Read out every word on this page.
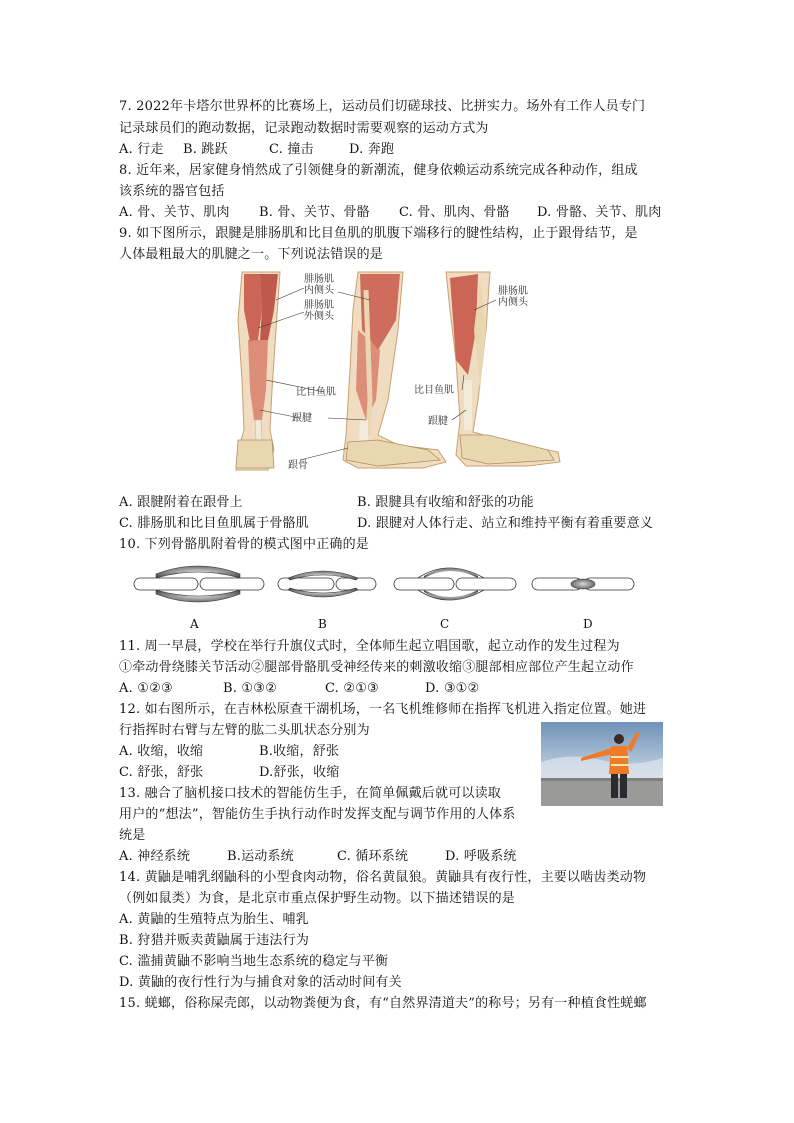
7. 2022年卡塔尔世界杯的比赛场上，运动员们切磋球技、比拼实力。场外有工作人员专门
记录球员们的跑动数据，记录跑动数据时需要观察的运动方式为
A. 行走 B. 跳跃	C. 撞击	D. 奔跑
8. 近年来，居家健身悄然成了引领健身的新潮流，健身依赖运动系统完成各种动作，组成
该系统的器官包括
A. 骨、关节、肌肉 B. 骨、关节、骨骼 C. 骨、肌肉、骨骼 D. 骨骼、关节、肌肉
9. 如下图所示，跟腱是腓肠肌和比目鱼肌的肌腹下端移行的腱性结构，止于跟骨结节，是
人体最粗最大的肌腱之一。下列说法错误的是
腓肠肌
内侧头
腓肠肌
外侧头
比目鱼肌
跟腱
跟骨
比目鱼肌
跟腱
腓肠肌
内侧头
A. 跟腱附着在跟骨上	B. 跟腱具有收缩和舒张的功能
C. 腓肠肌和比目鱼肌属于骨骼肌	D. 跟腱对人体行走、站立和维持平衡有着重要意义
10. 下列骨骼肌附着骨的模式图中正确的是
A	B	C	D
11. 周一早晨，学校在举行升旗仪式时，全体师生起立唱国歌，起立动作的发生过程为
①牵动骨绕膝关节活动②腿部骨骼肌受神经传来的刺激收缩③腿部相应部位产生起立动作
A. ①②③	B. ①③②	C. ②①③	D. ③①②
12. 如右图所示，在吉林松原查干湖机场，一名飞机维修师在指挥飞机进入指定位置。她进
行指挥时右臂与左臂的肱二头肌状态分别为
A. 收缩，收缩	B.收缩，舒张
C. 舒张，舒张	D.舒张，收缩
13. 融合了脑机接口技术的智能仿生手，在简单佩戴后就可以读取
用户的“想法”，智能仿生手执行动作时发挥支配与调节作用的人体系
统是
A. 神经系统	B.运动系统	C. 循环系统	D. 呼吸系统
14. 黄鼬是哺乳纲鼬科的小型食肉动物，俗名黄鼠狼。黄鼬具有夜行性，主要以啮齿类动物
（例如鼠类）为食，是北京市重点保护野生动物。以下描述错误的是
A. 黄鼬的生殖特点为胎生、哺乳
B. 狩猎并贩卖黄鼬属于违法行为
C. 滥捕黄鼬不影响当地生态系统的稳定与平衡
D. 黄鼬的夜行性行为与捕食对象的活动时间有关
15. 蜣螂，俗称屎壳郎，以动物粪便为食，有“自然界清道夫”的称号；另有一种植食性蜣螂
